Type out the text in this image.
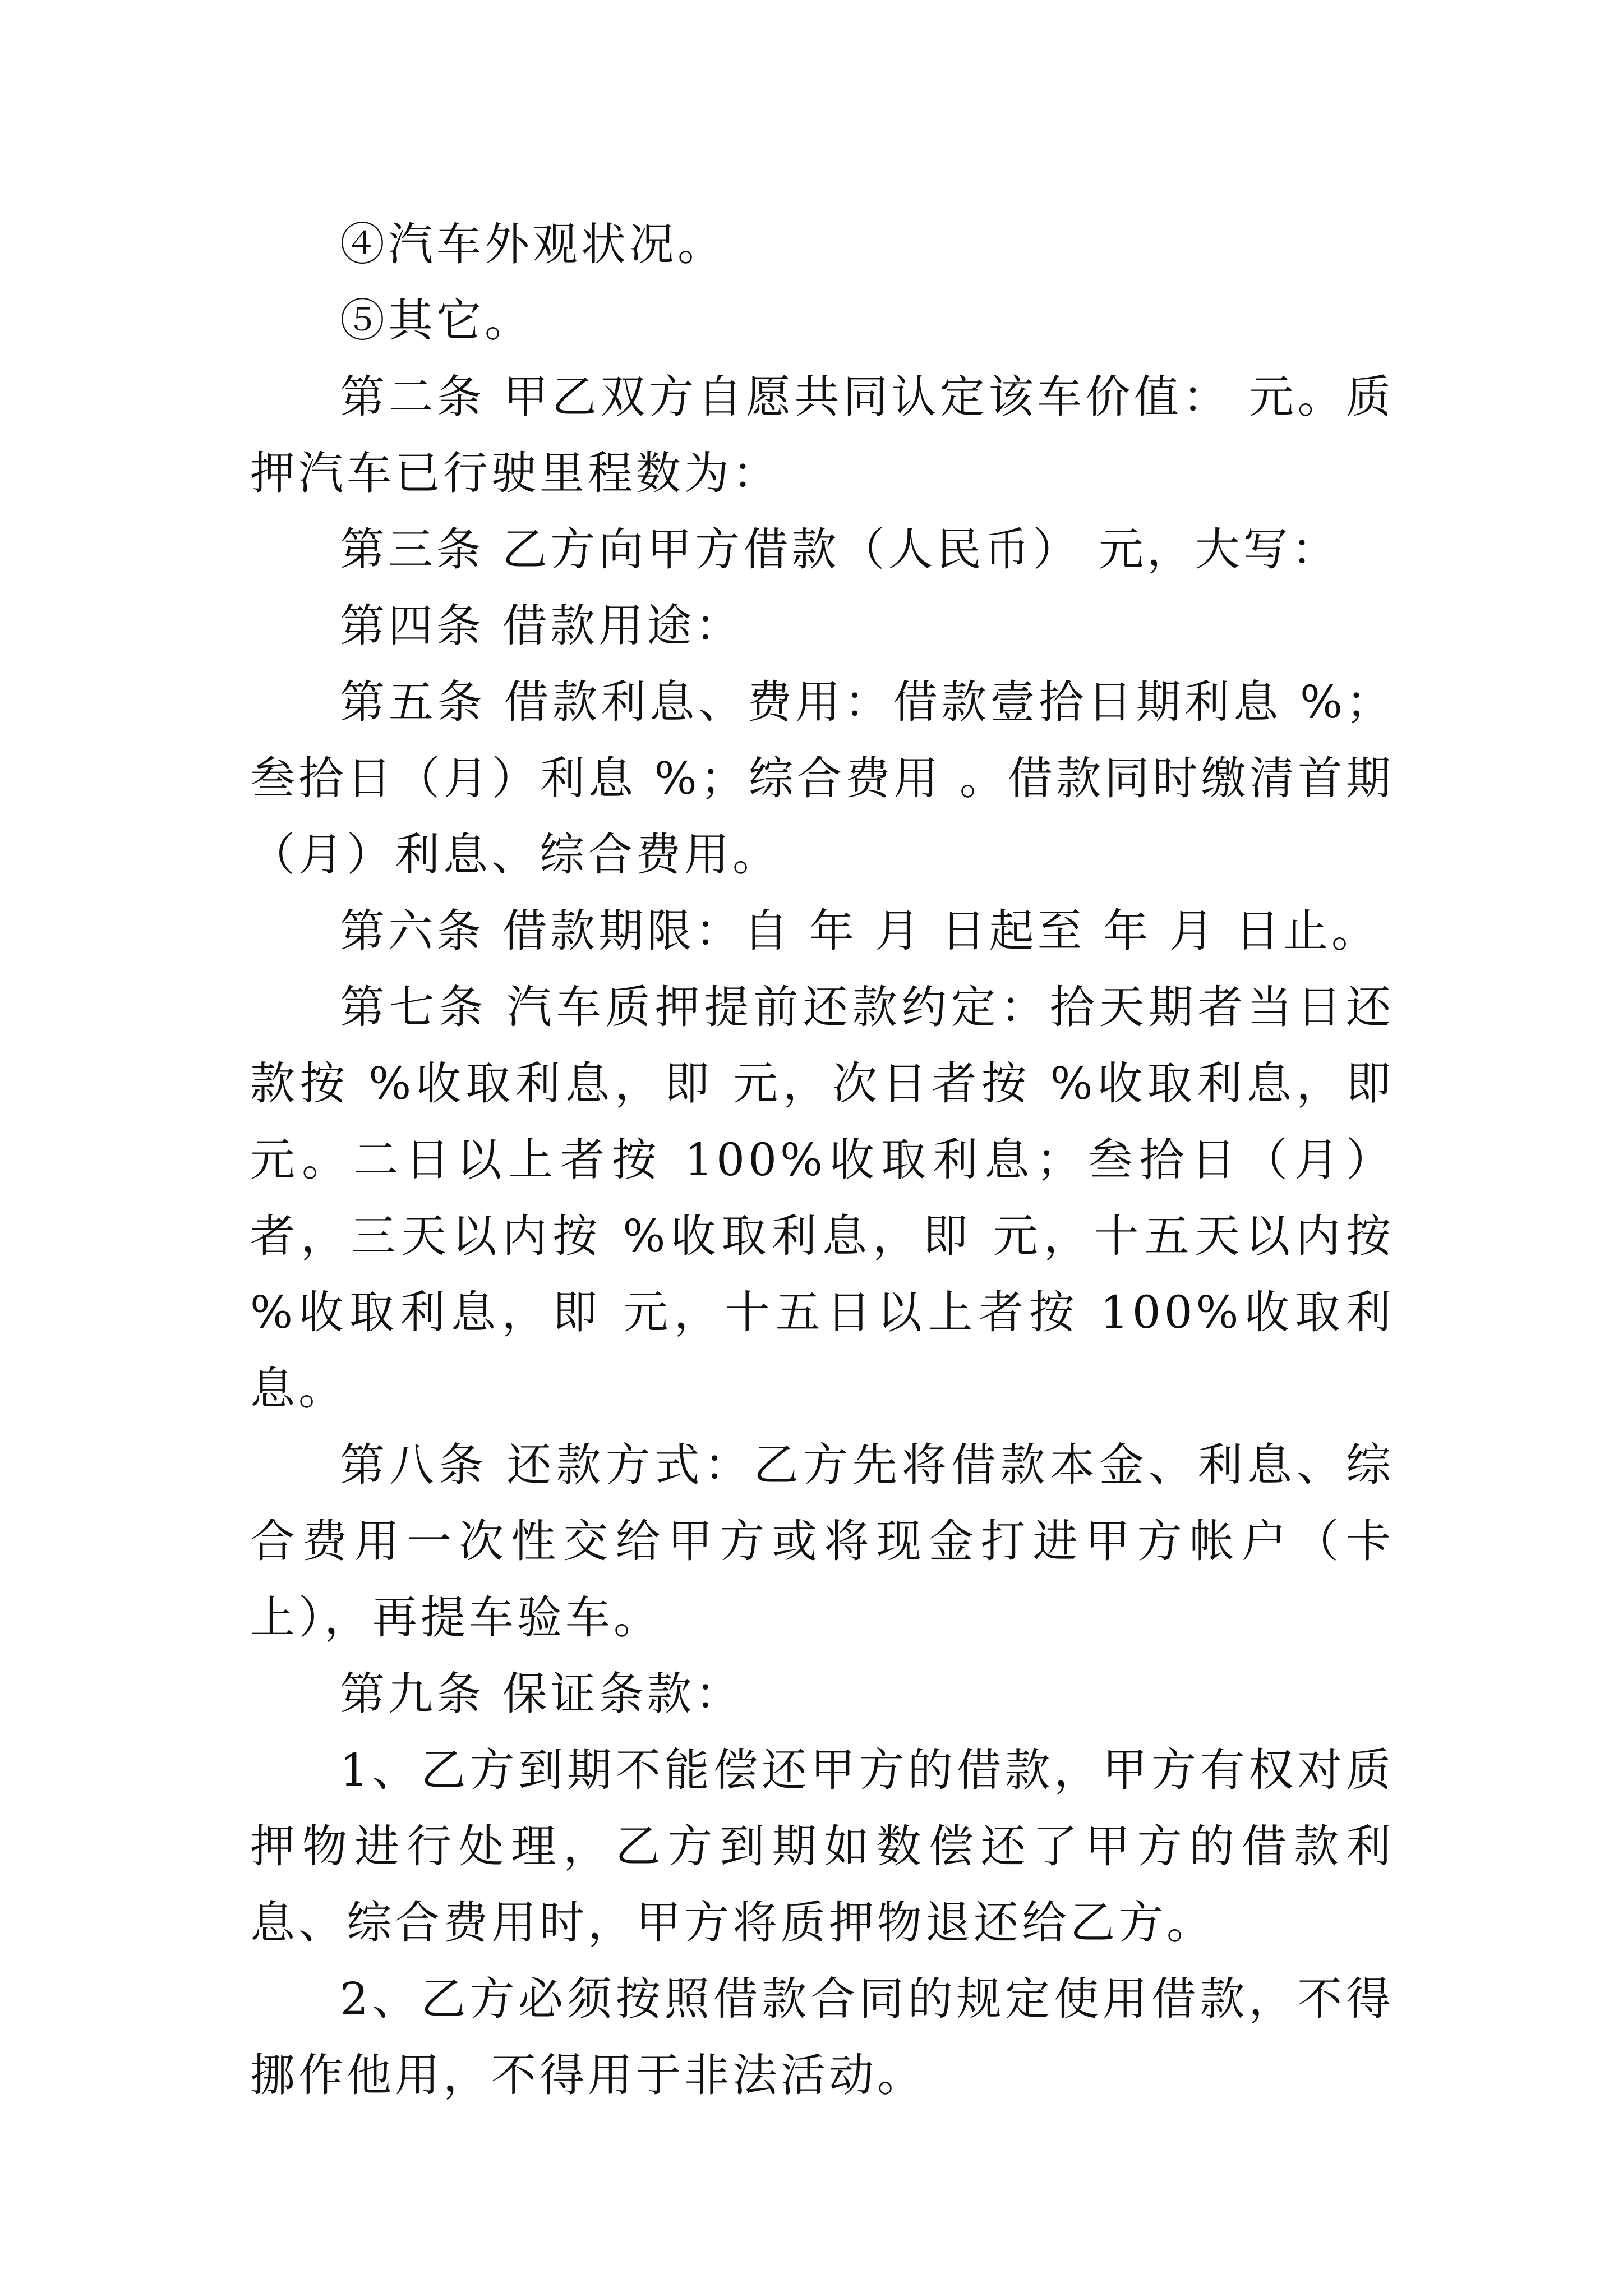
④汽车外观状况。

⑤其它。

第二条 甲乙双方自愿共同认定该车价值： 元。质押汽车已行驶里程数为：

第三条 乙方向甲方借款（人民币） 元，大写：

第四条 借款用途：

第五条 借款利息、费用：借款壹拾日期利息 %；叁拾日（月）利息 %；综合费用 。借款同时缴清首期（月）利息、综合费用。

第六条 借款期限：自 年 月 日起至 年 月 日止。

第七条 汽车质押提前还款约定：拾天期者当日还款按 %收取利息，即 元，次日者按 %收取利息，即 元。二日以上者按 100%收取利息；叁拾日（月）者，三天以内按 %收取利息，即 元，十五天以内按 %收取利息，即 元，十五日以上者按 100%收取利息。

第八条 还款方式：乙方先将借款本金、利息、综合费用一次性交给甲方或将现金打进甲方帐户（卡上），再提车验车。

第九条 保证条款：

1、乙方到期不能偿还甲方的借款，甲方有权对质押物进行处理，乙方到期如数偿还了甲方的借款利息、综合费用时，甲方将质押物退还给乙方。

2、乙方必须按照借款合同的规定使用借款，不得挪作他用，不得用于非法活动。
